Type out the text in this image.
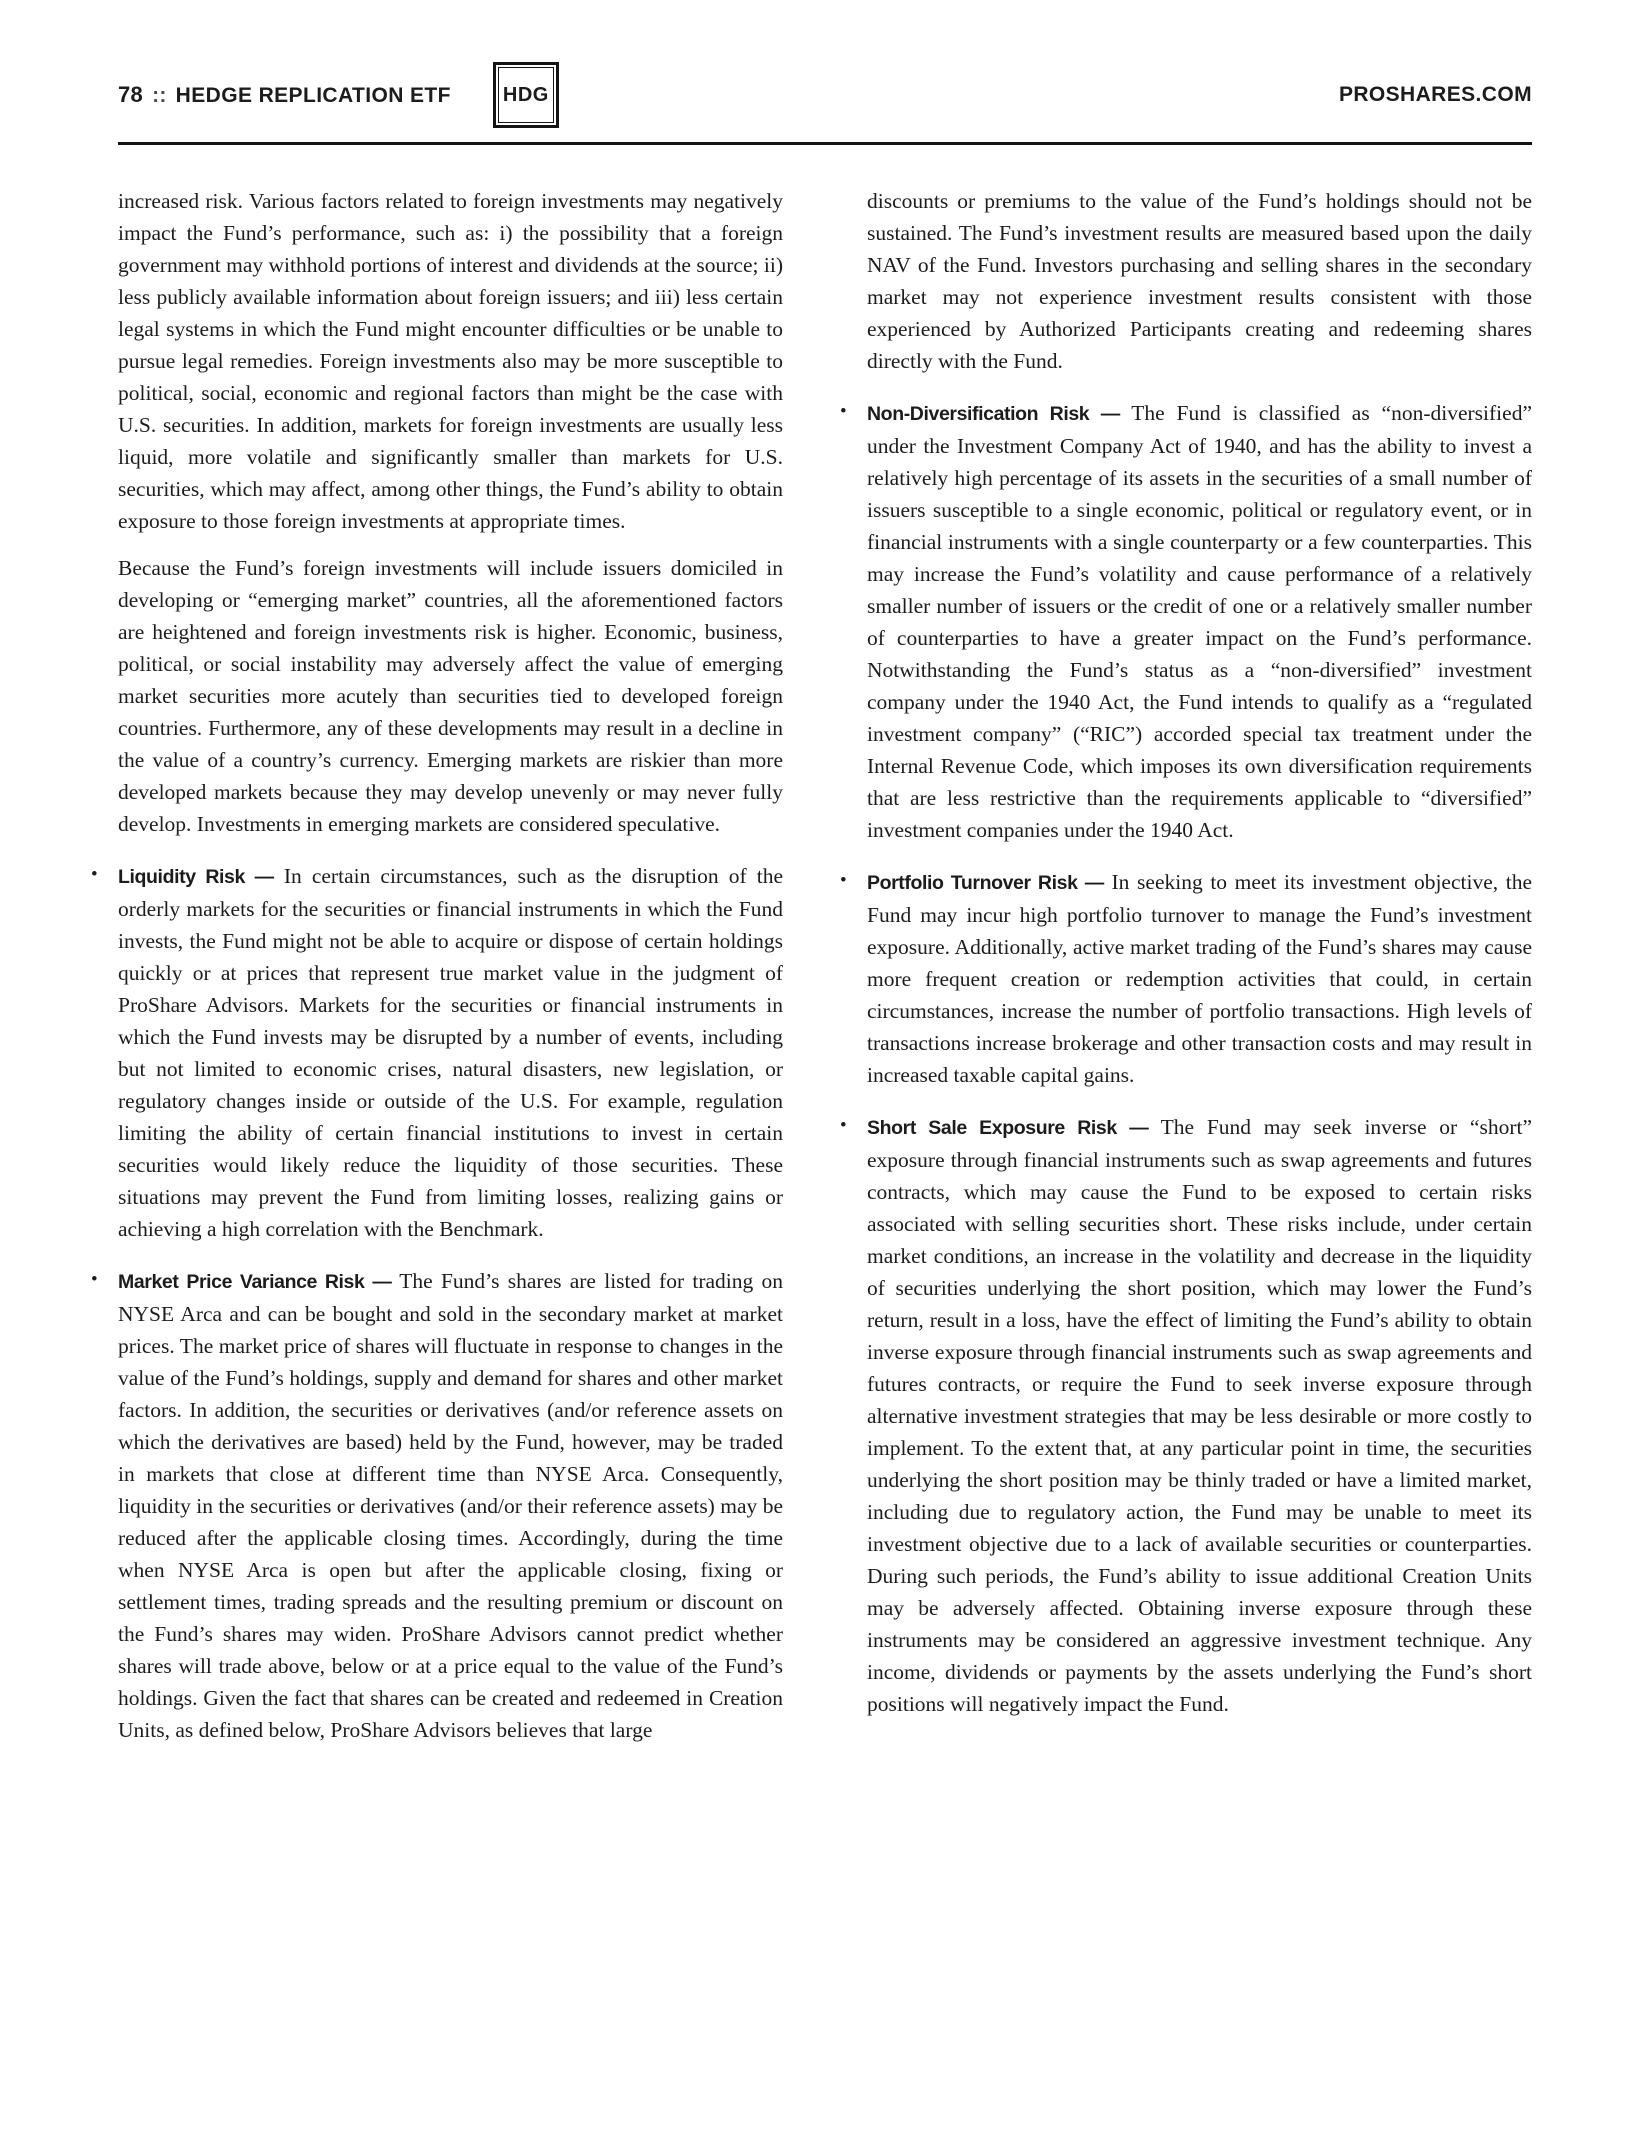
78 :: HEDGE REPLICATION ETF	HDG	PROSHARES.COM

increased risk. Various factors related to foreign investments may negatively impact the Fund’s performance, such as: i) the possibility that a foreign government may withhold portions of interest and dividends at the source; ii) less publicly available information about foreign issuers; and iii) less certain legal systems in which the Fund might encounter difficulties or be unable to pursue legal remedies. Foreign investments also may be more susceptible to political, social, economic and regional factors than might be the case with U.S. securities. In addition, markets for foreign investments are usually less liquid, more volatile and significantly smaller than markets for U.S. securities, which may affect, among other things, the Fund’s ability to obtain exposure to those foreign investments at appropriate times.

Because the Fund’s foreign investments will include issuers domiciled in developing or “emerging market” countries, all the aforementioned factors are heightened and foreign investments risk is higher. Economic, business, political, or social instability may adversely affect the value of emerging market securities more acutely than securities tied to developed foreign countries. Furthermore, any of these developments may result in a decline in the value of a country’s currency. Emerging markets are riskier than more developed markets because they may develop unevenly or may never fully develop. Investments in emerging markets are considered speculative.

• Liquidity Risk — In certain circumstances, such as the disruption of the orderly markets for the securities or financial instruments in which the Fund invests, the Fund might not be able to acquire or dispose of certain holdings quickly or at prices that represent true market value in the judgment of ProShare Advisors. Markets for the securities or financial instruments in which the Fund invests may be disrupted by a number of events, including but not limited to economic crises, natural disasters, new legislation, or regulatory changes inside or outside of the U.S. For example, regulation limiting the ability of certain financial institutions to invest in certain securities would likely reduce the liquidity of those securities. These situations may prevent the Fund from limiting losses, realizing gains or achieving a high correlation with the Benchmark.

• Market Price Variance Risk — The Fund’s shares are listed for trading on NYSE Arca and can be bought and sold in the secondary market at market prices. The market price of shares will fluctuate in response to changes in the value of the Fund’s holdings, supply and demand for shares and other market factors. In addition, the securities or derivatives (and/or reference assets on which the derivatives are based) held by the Fund, however, may be traded in markets that close at different time than NYSE Arca. Consequently, liquidity in the securities or derivatives (and/or their reference assets) may be reduced after the applicable closing times. Accordingly, during the time when NYSE Arca is open but after the applicable closing, fixing or settlement times, trading spreads and the resulting premium or discount on the Fund’s shares may widen. ProShare Advisors cannot predict whether shares will trade above, below or at a price equal to the value of the Fund’s holdings. Given the fact that shares can be created and redeemed in Creation Units, as defined below, ProShare Advisors believes that large

discounts or premiums to the value of the Fund’s holdings should not be sustained. The Fund’s investment results are measured based upon the daily NAV of the Fund. Investors purchasing and selling shares in the secondary market may not experience investment results consistent with those experienced by Authorized Participants creating and redeeming shares directly with the Fund.

• Non-Diversification Risk — The Fund is classified as “non-diversified” under the Investment Company Act of 1940, and has the ability to invest a relatively high percentage of its assets in the securities of a small number of issuers susceptible to a single economic, political or regulatory event, or in financial instruments with a single counterparty or a few counterparties. This may increase the Fund’s volatility and cause performance of a relatively smaller number of issuers or the credit of one or a relatively smaller number of counterparties to have a greater impact on the Fund’s performance. Notwithstanding the Fund’s status as a “non-diversified” investment company under the 1940 Act, the Fund intends to qualify as a “regulated investment company” (“RIC”) accorded special tax treatment under the Internal Revenue Code, which imposes its own diversification requirements that are less restrictive than the requirements applicable to “diversified” investment companies under the 1940 Act.

• Portfolio Turnover Risk — In seeking to meet its investment objective, the Fund may incur high portfolio turnover to manage the Fund’s investment exposure. Additionally, active market trading of the Fund’s shares may cause more frequent creation or redemption activities that could, in certain circumstances, increase the number of portfolio transactions. High levels of transactions increase brokerage and other transaction costs and may result in increased taxable capital gains.

• Short Sale Exposure Risk — The Fund may seek inverse or “short” exposure through financial instruments such as swap agreements and futures contracts, which may cause the Fund to be exposed to certain risks associated with selling securities short. These risks include, under certain market conditions, an increase in the volatility and decrease in the liquidity of securities underlying the short position, which may lower the Fund’s return, result in a loss, have the effect of limiting the Fund’s ability to obtain inverse exposure through financial instruments such as swap agreements and futures contracts, or require the Fund to seek inverse exposure through alternative investment strategies that may be less desirable or more costly to implement. To the extent that, at any particular point in time, the securities underlying the short position may be thinly traded or have a limited market, including due to regulatory action, the Fund may be unable to meet its investment objective due to a lack of available securities or counterparties. During such periods, the Fund’s ability to issue additional Creation Units may be adversely affected. Obtaining inverse exposure through these instruments may be considered an aggressive investment technique. Any income, dividends or payments by the assets underlying the Fund’s short positions will negatively impact the Fund.
